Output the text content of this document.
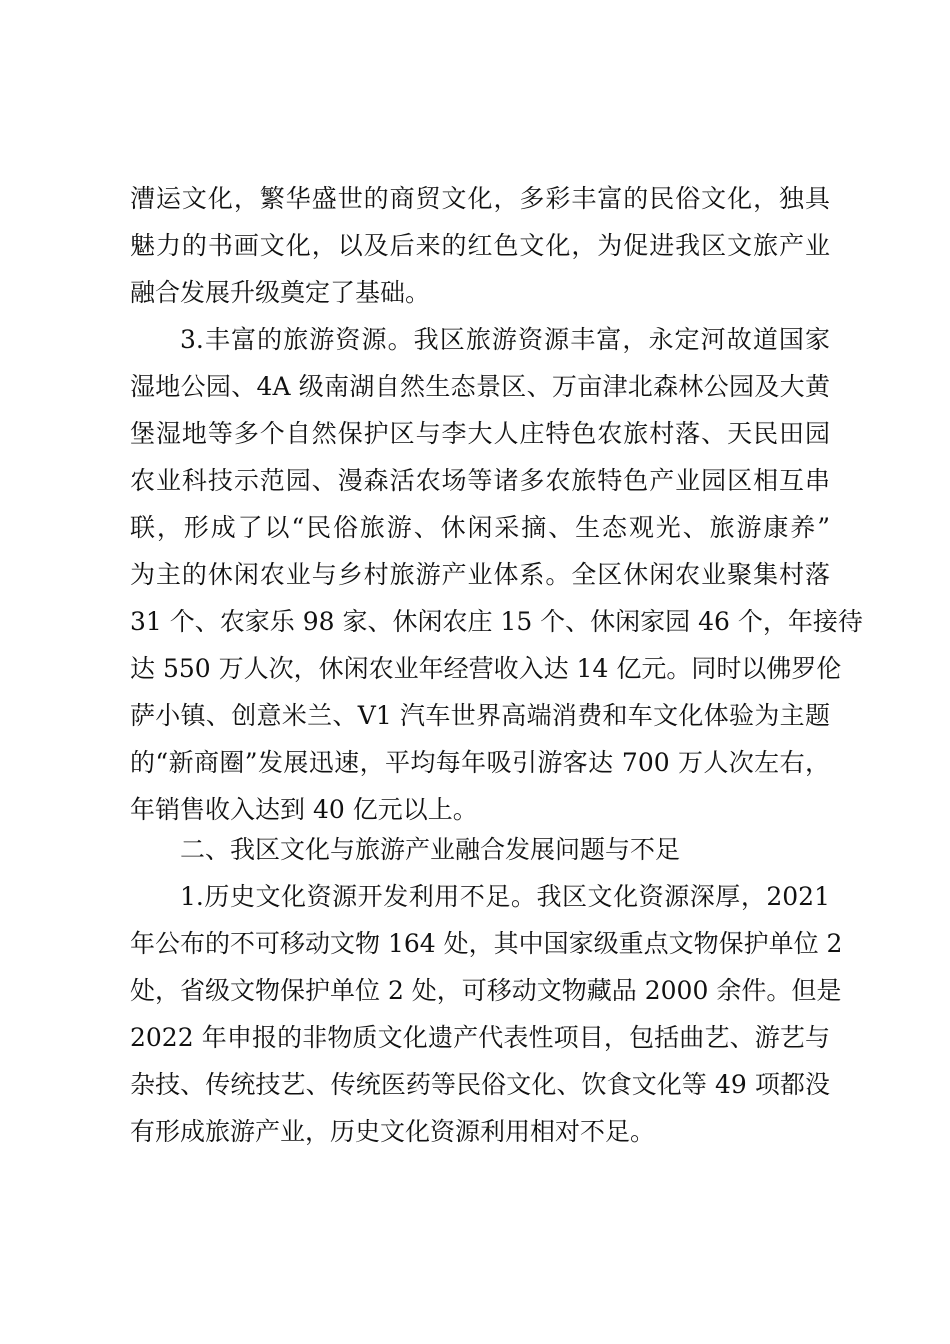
漕运文化，繁华盛世的商贸文化，多彩丰富的民俗文化，独具
魅力的书画文化，以及后来的红色文化，为促进我区文旅产业
融合发展升级奠定了基础。
3.丰富的旅游资源。我区旅游资源丰富，永定河故道国家
湿地公园、4A 级南湖自然生态景区、万亩津北森林公园及大黄
堡湿地等多个自然保护区与李大人庄特色农旅村落、天民田园
农业科技示范园、漫森活农场等诸多农旅特色产业园区相互串
联，形成了以“民俗旅游、休闲采摘、生态观光、旅游康养”
为主的休闲农业与乡村旅游产业体系。全区休闲农业聚集村落
31 个、农家乐 98 家、休闲农庄 15 个、休闲家园 46 个，年接待
达 550 万人次，休闲农业年经营收入达 14 亿元。同时以佛罗伦
萨小镇、创意米兰、V1 汽车世界高端消费和车文化体验为主题
的“新商圈”发展迅速，平均每年吸引游客达 700 万人次左右，
年销售收入达到 40 亿元以上。
二、我区文化与旅游产业融合发展问题与不足
1.历史文化资源开发利用不足。我区文化资源深厚，2021
年公布的不可移动文物 164 处，其中国家级重点文物保护单位 2
处，省级文物保护单位 2 处，可移动文物藏品 2000 余件。但是
2022 年申报的非物质文化遗产代表性项目，包括曲艺、游艺与
杂技、传统技艺、传统医药等民俗文化、饮食文化等 49 项都没
有形成旅游产业，历史文化资源利用相对不足。
